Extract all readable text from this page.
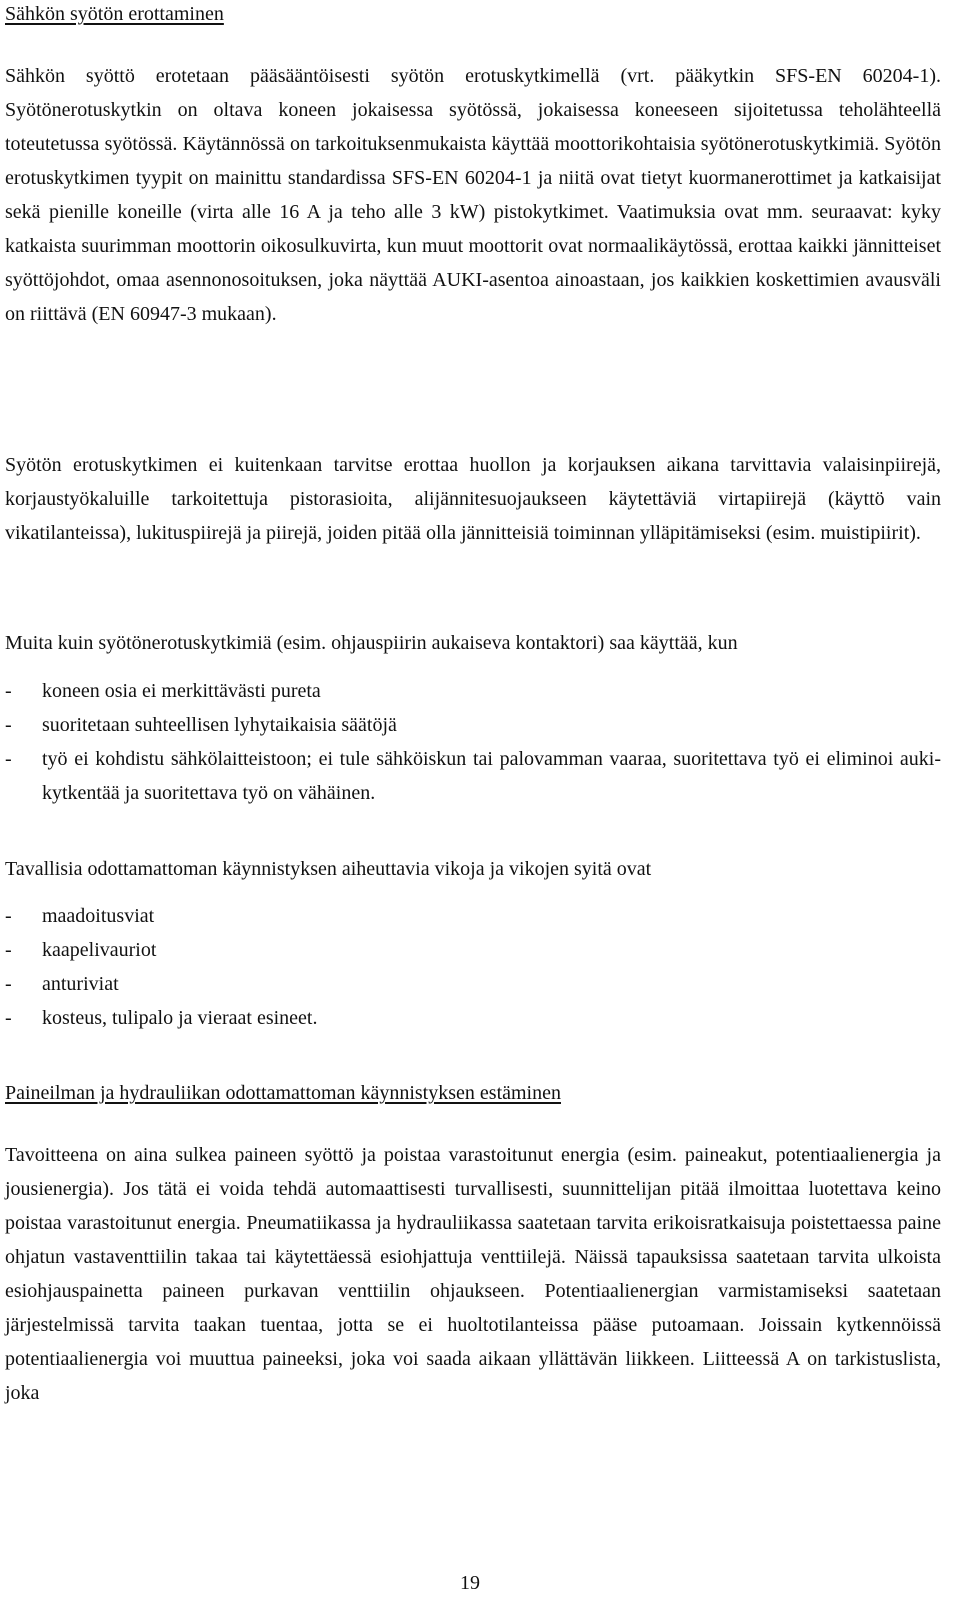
Sähkön syötön erottaminen

Sähkön syöttö erotetaan pääsääntöisesti syötön erotuskytkimellä (vrt. pääkytkin SFS-EN 60204-1). Syötönerotuskytkin on oltava koneen jokaisessa syötössä, jokaisessa koneeseen sijoitetussa teholähteellä toteutetussa syötössä. Käytännössä on tarkoituksenmukaista käyttää moottorikohtaisia syötönerotuskytkimiä. Syötön erotuskytkimen tyypit on mainittu standardissa SFS-EN 60204-1 ja niitä ovat tietyt kuormanerottimet ja katkaisijat sekä pienille koneille (virta alle 16 A ja teho alle 3 kW) pistokytkimet. Vaatimuksia ovat mm. seuraavat: kyky katkaista suurimman moottorin oikosulkuvirta, kun muut moottorit ovat normaalikäytössä, erottaa kaikki jännitteiset syöttöjohdot, omaa asennonosoituksen, joka näyttää AUKI-asentoa ainoastaan, jos kaikkien koskettimien avausväli on riittävä (EN 60947-3 mukaan).

Syötön erotuskytkimen ei kuitenkaan tarvitse erottaa huollon ja korjauksen aikana tarvittavia valaisinpiirejä, korjaustyökaluille tarkoitettuja pistorasioita, alijännitesuojaukseen käytettäviä virtapiirejä (käyttö vain vikatilanteissa), lukituspiirejä ja piirejä, joiden pitää olla jännitteisiä toiminnan ylläpitämiseksi (esim. muistipiirit).

Muita kuin syötönerotuskytkimiä (esim. ohjauspiirin aukaiseva kontaktori) saa käyttää, kun

- koneen osia ei merkittävästi pureta
- suoritetaan suhteellisen lyhytaikaisia säätöjä
- työ ei kohdistu sähkölaitteistoon; ei tule sähköiskun tai palovamman vaaraa, suoritettava työ ei eliminoi auki-kytkentää ja suoritettava työ on vähäinen.

Tavallisia odottamattoman käynnistyksen aiheuttavia vikoja ja vikojen syitä ovat

- maadoitusviat
- kaapelivauriot
- anturiviat
- kosteus, tulipalo ja vieraat esineet.
Paineilman ja hydrauliikan odottamattoman käynnistyksen estäminen

Tavoitteena on aina sulkea paineen syöttö ja poistaa varastoitunut energia (esim. paineakut, potentiaalienergia ja jousienergia). Jos tätä ei voida tehdä automaattisesti turvallisesti, suunnittelijan pitää ilmoittaa luotettava keino poistaa varastoitunut energia. Pneumatiikassa ja hydrauliikassa saatetaan tarvita erikoisratkaisuja poistettaessa paine ohjatun vastaventtiilin takaa tai käytettäessä esiohjattuja venttiilejä. Näissä tapauksissa saatetaan tarvita ulkoista esiohjauspainetta paineen purkavan venttiilin ohjaukseen. Potentiaalienergian varmistamiseksi saatetaan järjestelmissä tarvita taakan tuentaa, jotta se ei huoltotilanteissa pääse putoamaan. Joissain kytkennöissä potentiaalienergia voi muuttua paineeksi, joka voi saada aikaan yllättävän liikkeen. Liitteessä A on tarkistuslista, joka

19
